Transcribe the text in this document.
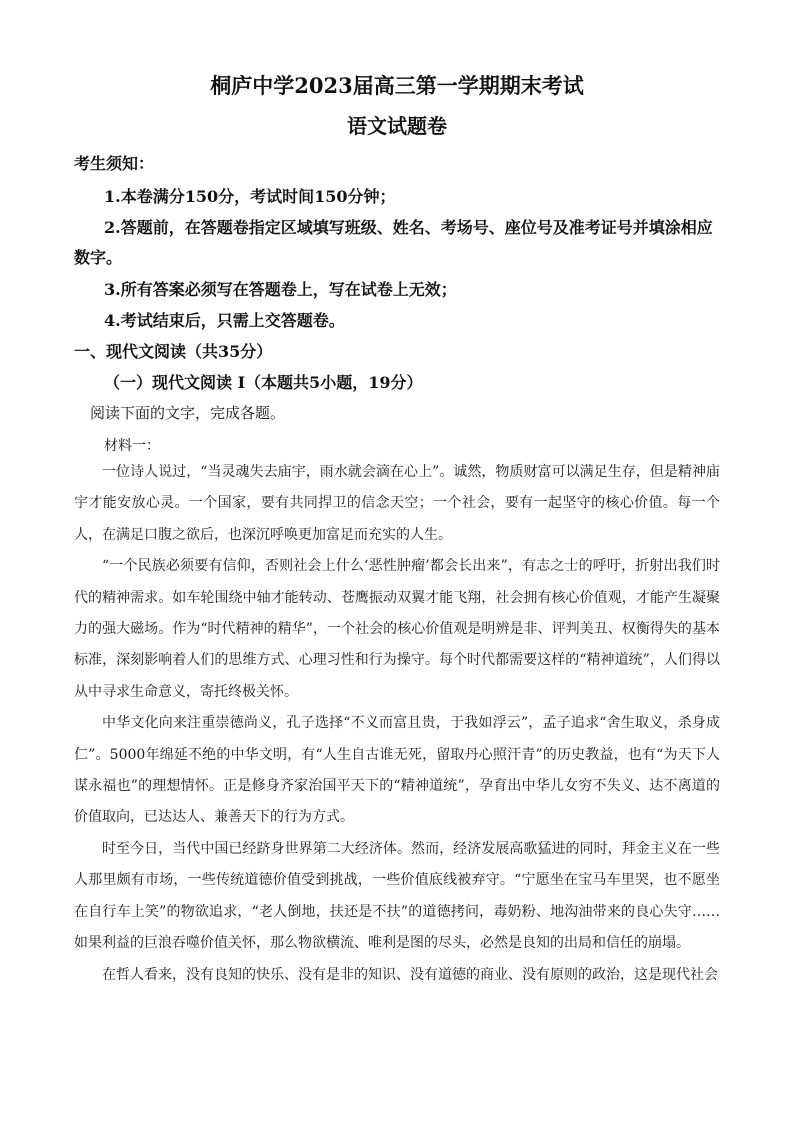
桐庐中学2023届高三第一学期期末考试
语文试题卷
考生须知：
1.本卷满分150分，考试时间150分钟；
2.答题前，在答题卷指定区域填写班级、姓名、考场号、座位号及准考证号并填涂相应
数字。
3.所有答案必须写在答题卷上，写在试卷上无效；
4.考试结束后，只需上交答题卷。
一、现代文阅读（共35分）
（一）现代文阅读 I（本题共5小题，19分）
阅读下面的文字，完成各题。
材料一：

一位诗人说过，“当灵魂失去庙宇，雨水就会滴在心上”。诚然，物质财富可以满足生存，但是精神庙宇才能安放心灵。一个国家，要有共同捍卫的信念天空；一个社会，要有一起坚守的核心价值。每一个人，在满足口腹之欲后，也深沉呼唤更加富足而充实的人生。

“一个民族必须要有信仰，否则社会上什么‘恶性肿瘤’都会长出来”，有志之士的呼吁，折射出我们时代的精神需求。如车轮围绕中轴才能转动、苍鹰振动双翼才能飞翔，社会拥有核心价值观，才能产生凝聚力的强大磁场。作为“时代精神的精华”，一个社会的核心价值观是明辨是非、评判美丑、权衡得失的基本标准，深刻影响着人们的思维方式、心理习性和行为操守。每个时代都需要这样的“精神道统”，人们得以从中寻求生命意义，寄托终极关怀。

中华文化向来注重崇德尚义，孔子选择“不义而富且贵，于我如浮云”，孟子追求“舍生取义，杀身成仁”。5000年绵延不绝的中华文明，有“人生自古谁无死，留取丹心照汗青”的历史教益，也有“为天下人谋永福也”的理想情怀。正是修身齐家治国平天下的“精神道统”，孕育出中华儿女穷不失义、达不离道的价值取向，已达达人、兼善天下的行为方式。

时至今日，当代中国已经跻身世界第二大经济体。然而，经济发展高歌猛进的同时，拜金主义在一些人那里颇有市场，一些传统道德价值受到挑战，一些价值底线被弃守。“宁愿坐在宝马车里哭，也不愿坐在自行车上笑”的物欲追求，“老人倒地，扶还是不扶”的道德拷问，毒奶粉、地沟油带来的良心失守……如果利益的巨浪吞噬价值关怀，那么物欲横流、唯利是图的尽头，必然是良知的出局和信任的崩塌。

在哲人看来，没有良知的快乐、没有是非的知识、没有道德的商业、没有原则的政治，这是现代社会
